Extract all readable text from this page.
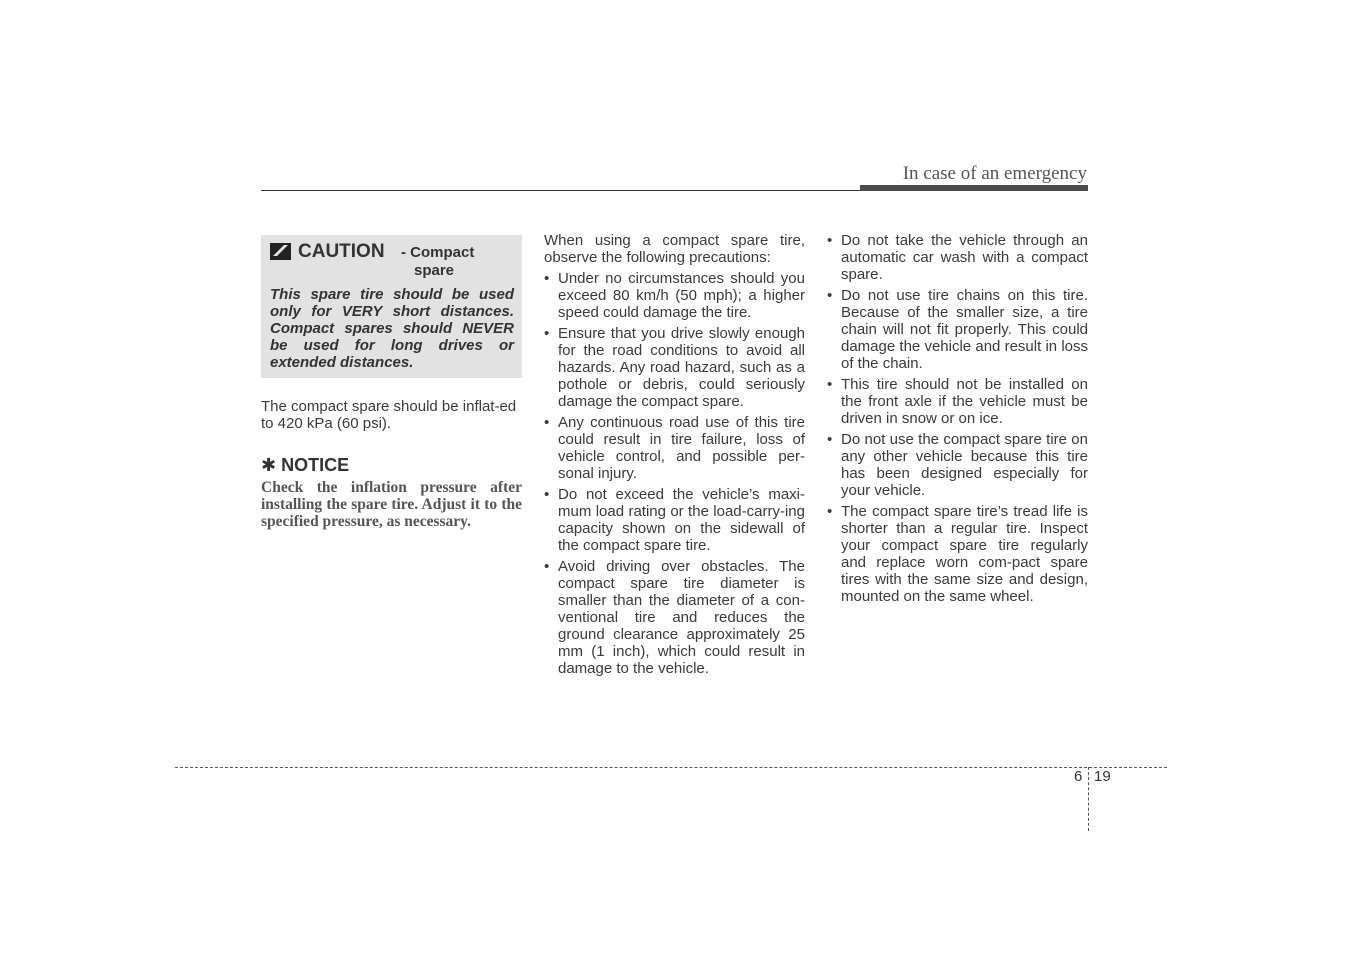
In case of an emergency
CAUTION - Compact spare

This spare tire should be used only for VERY short distances. Compact spares should NEVER be used for long drives or extended distances.

The compact spare should be inflat-ed to 420 kPa (60 psi).
✱ NOTICE
Check the inflation pressure after installing the spare tire. Adjust it to the specified pressure, as necessary.

When using a compact spare tire, observe the following precautions:

• Under no circumstances should you exceed 80 km/h (50 mph); a higher speed could damage the tire.
• Ensure that you drive slowly enough for the road conditions to avoid all hazards. Any road hazard, such as a pothole or debris, could seriously damage the compact spare.
• Any continuous road use of this tire could result in tire failure, loss of vehicle control, and possible per-sonal injury.
• Do not exceed the vehicle’s maxi-mum load rating or the load-carry-ing capacity shown on the sidewall of the compact spare tire.
• Avoid driving over obstacles. The compact spare tire diameter is smaller than the diameter of a con-ventional tire and reduces the ground clearance approximately 25 mm (1 inch), which could result in damage to the vehicle.
• Do not take the vehicle through an automatic car wash with a compact spare.
• Do not use tire chains on this tire. Because of the smaller size, a tire chain will not fit properly. This could damage the vehicle and result in loss of the chain.
• This tire should not be installed on the front axle if the vehicle must be driven in snow or on ice.
• Do not use the compact spare tire on any other vehicle because this tire has been designed especially for your vehicle.
• The compact spare tire’s tread life is shorter than a regular tire. Inspect your compact spare tire regularly and replace worn com-pact spare tires with the same size and design, mounted on the same wheel.
6 19
